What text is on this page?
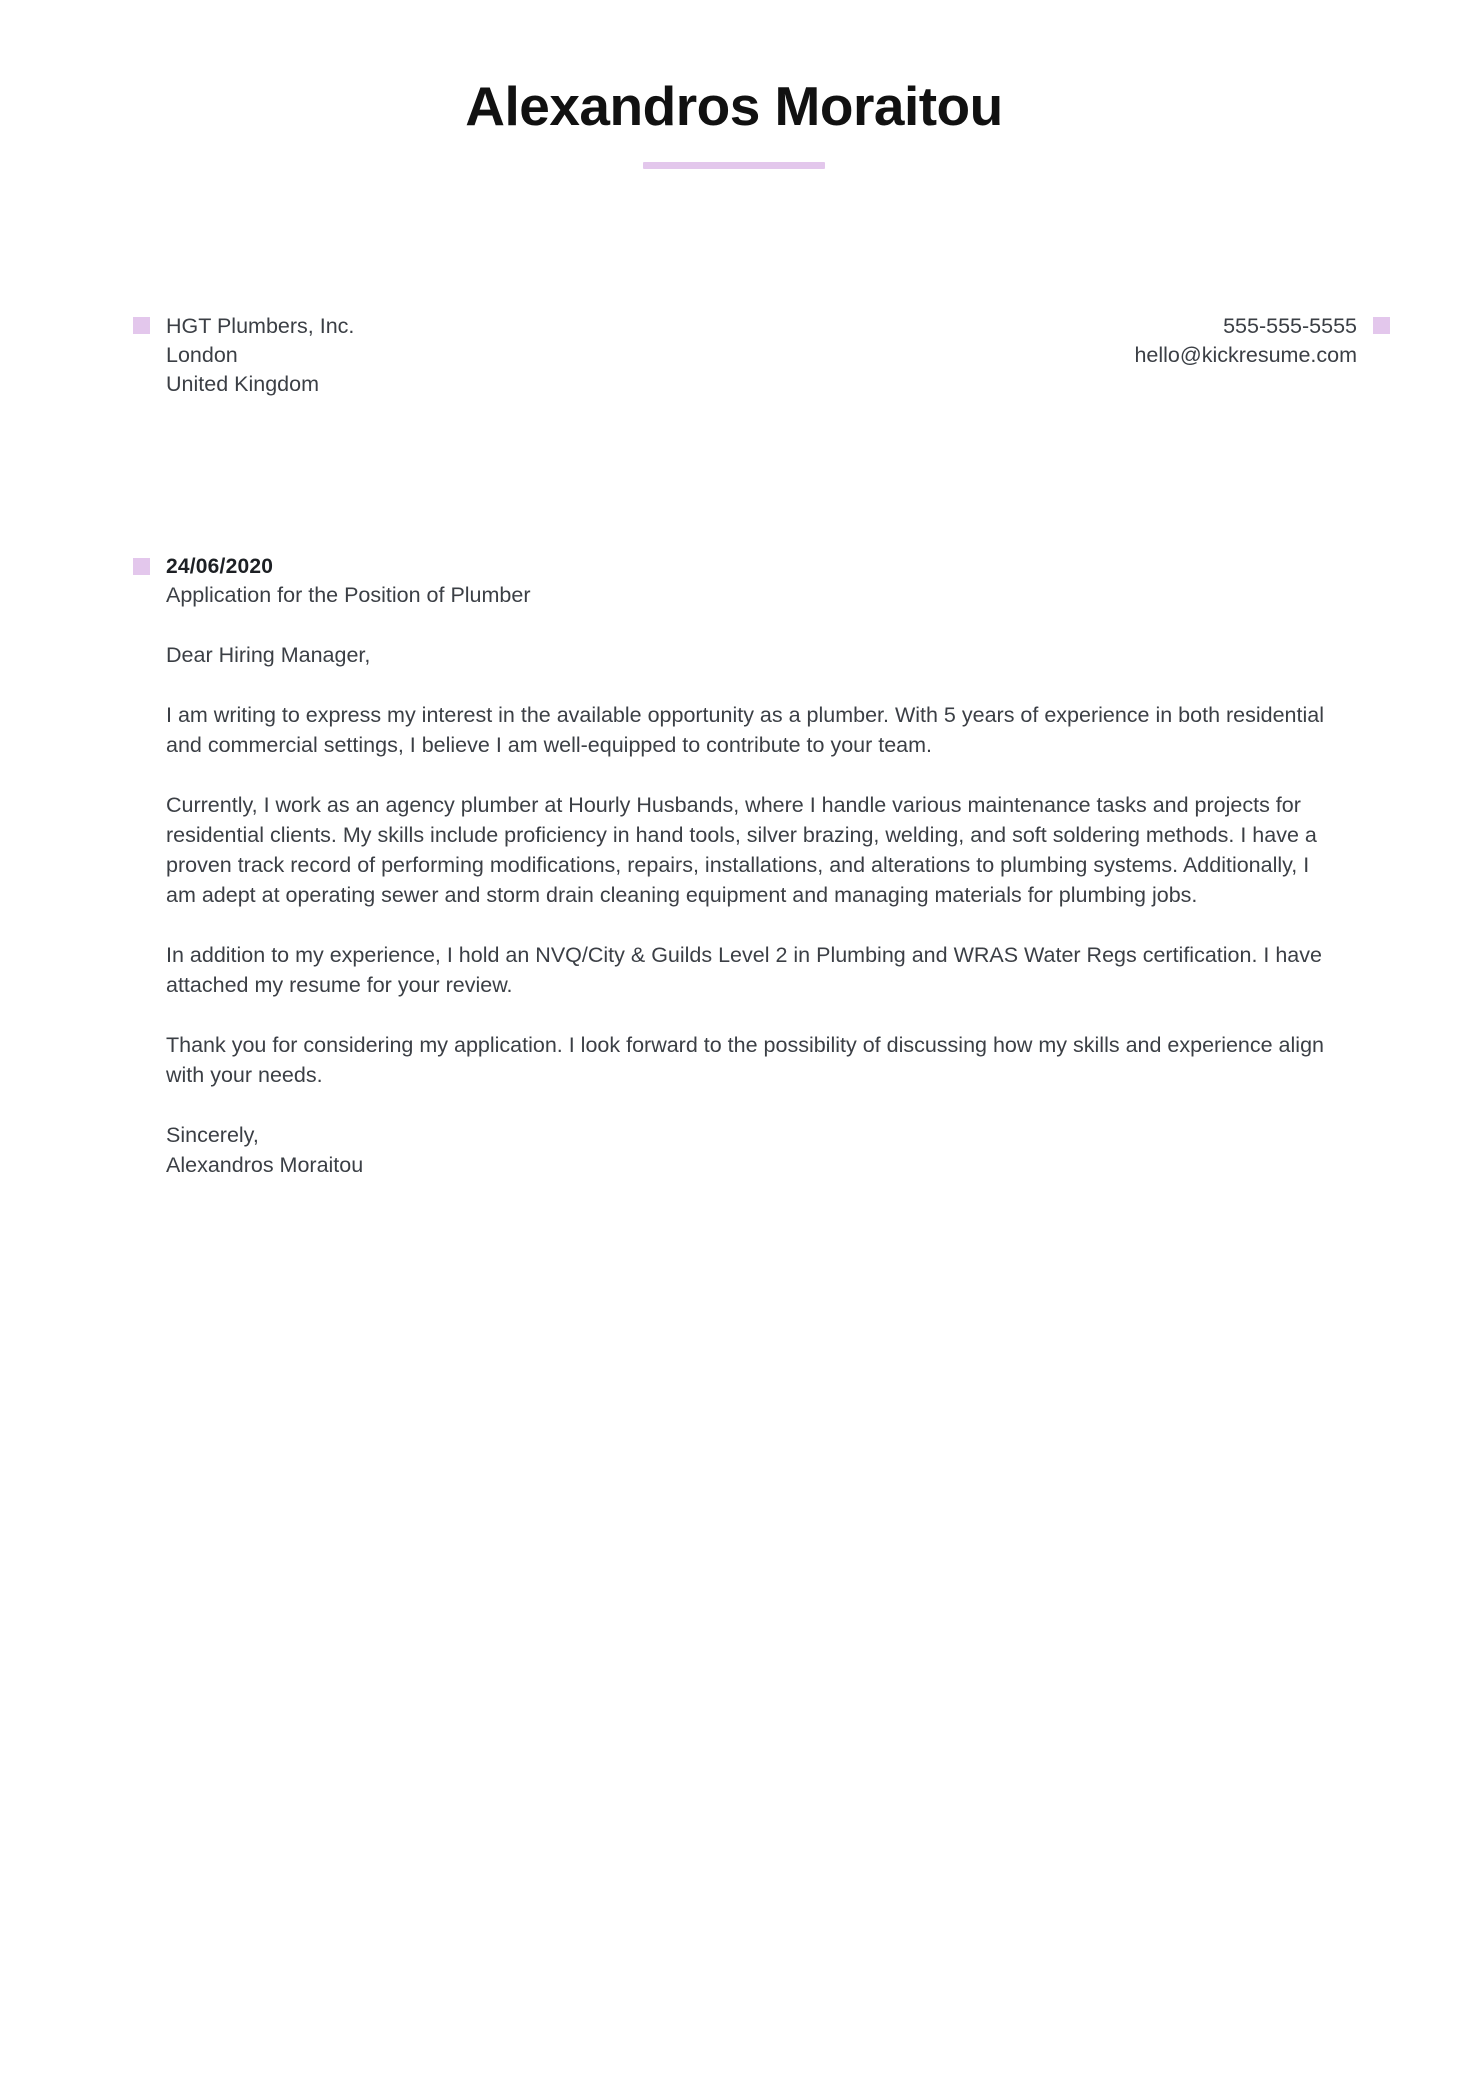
Alexandros Moraitou
HGT Plumbers, Inc.
London
United Kingdom
555-555-5555
hello@kickresume.com
24/06/2020
Application for the Position of Plumber

Dear Hiring Manager,

I am writing to express my interest in the available opportunity as a plumber. With 5 years of experience in both residential and commercial settings, I believe I am well-equipped to contribute to your team.

Currently, I work as an agency plumber at Hourly Husbands, where I handle various maintenance tasks and projects for residential clients. My skills include proficiency in hand tools, silver brazing, welding, and soft soldering methods. I have a proven track record of performing modifications, repairs, installations, and alterations to plumbing systems. Additionally, I am adept at operating sewer and storm drain cleaning equipment and managing materials for plumbing jobs.

In addition to my experience, I hold an NVQ/City & Guilds Level 2 in Plumbing and WRAS Water Regs certification. I have attached my resume for your review.

Thank you for considering my application. I look forward to the possibility of discussing how my skills and experience align with your needs.

Sincerely,
Alexandros Moraitou
